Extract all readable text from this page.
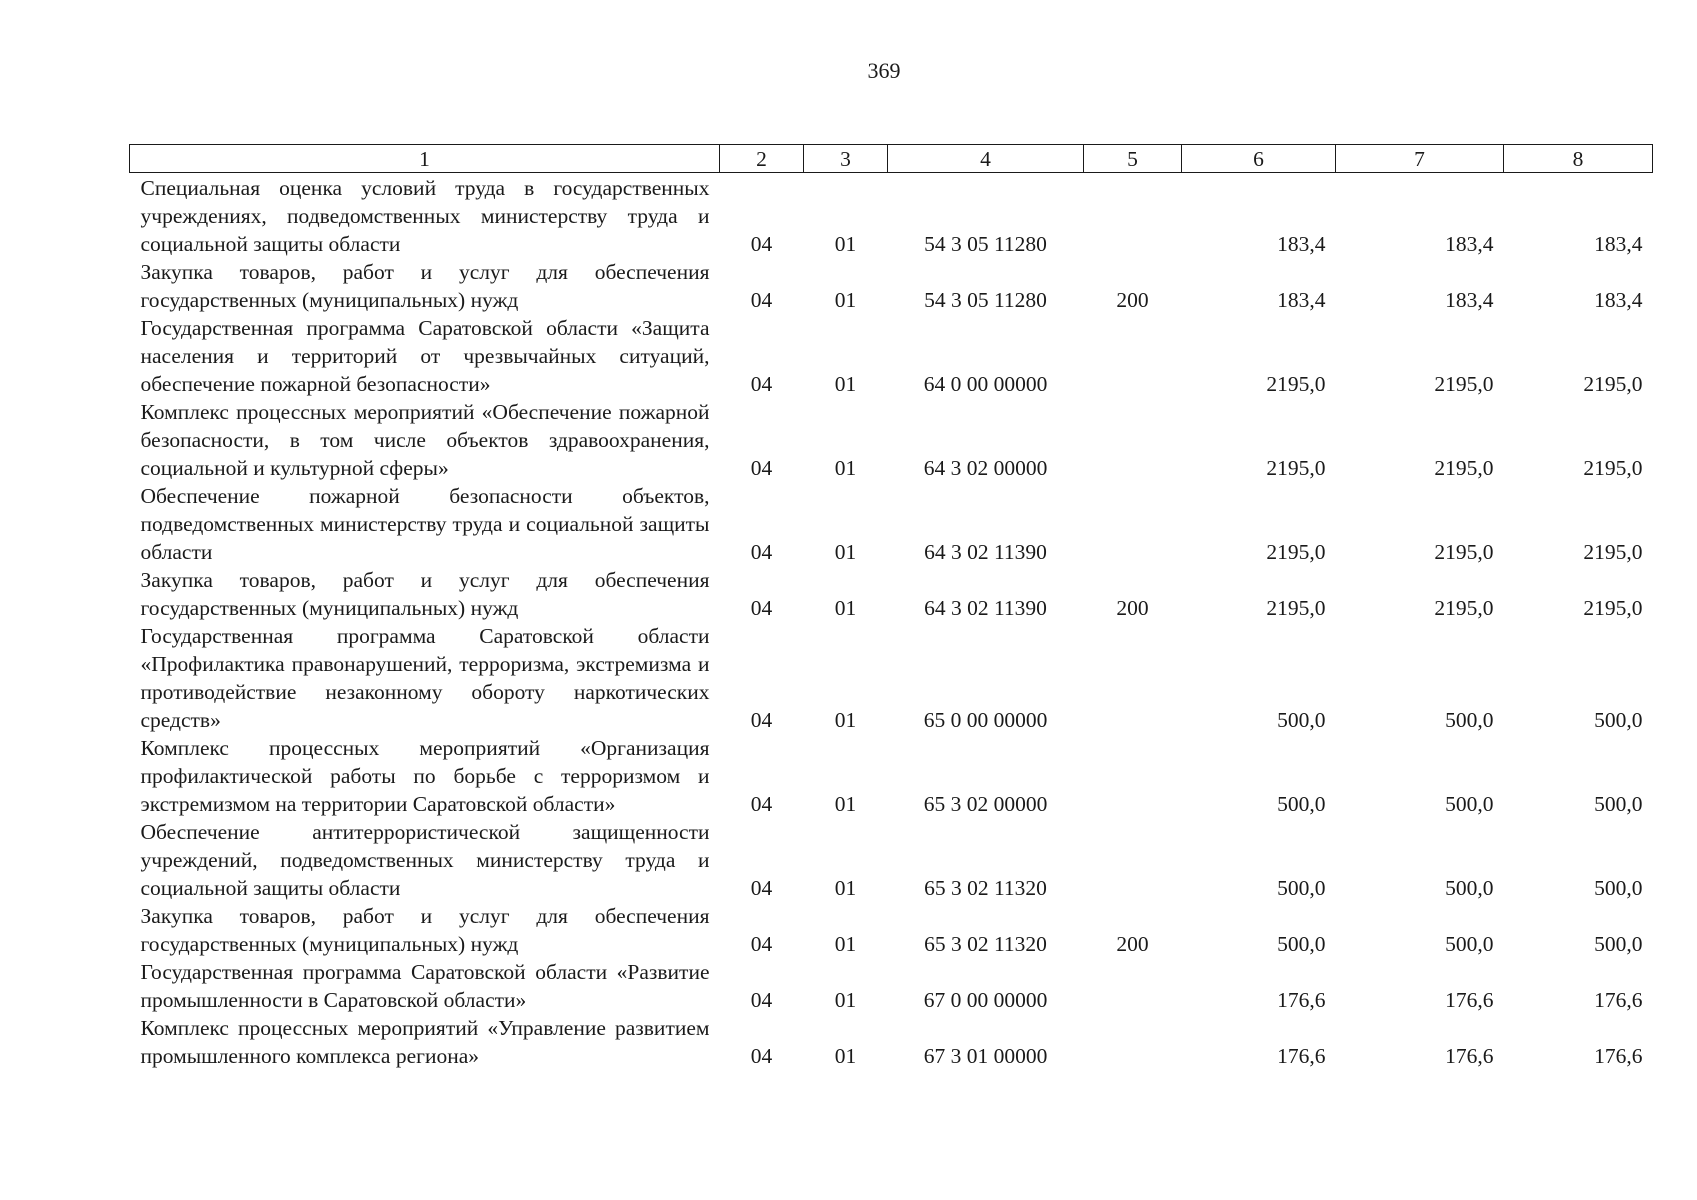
369
1	2	3	4	5	6	7	8
Специальная оценка условий труда в государственных учреждениях, подведомственных министерству труда и социальной защиты области	04	01	54 3 05 11280		183,4	183,4	183,4
Закупка товаров, работ и услуг для обеспечения государственных (муниципальных) нужд	04	01	54 3 05 11280	200	183,4	183,4	183,4
Государственная программа Саратовской области «Защита населения и территорий от чрезвычайных ситуаций, обеспечение пожарной безопасности»	04	01	64 0 00 00000		2195,0	2195,0	2195,0
Комплекс процессных мероприятий «Обеспечение пожарной безопасности, в том числе объектов здравоохранения, социальной и культурной сферы»	04	01	64 3 02 00000		2195,0	2195,0	2195,0
Обеспечение пожарной безопасности объектов, подведомственных министерству труда и социальной защиты области	04	01	64 3 02 11390		2195,0	2195,0	2195,0
Закупка товаров, работ и услуг для обеспечения государственных (муниципальных) нужд	04	01	64 3 02 11390	200	2195,0	2195,0	2195,0
Государственная программа Саратовской области «Профилактика правонарушений, терроризма, экстремизма и противодействие незаконному обороту наркотических средств»	04	01	65 0 00 00000		500,0	500,0	500,0
Комплекс процессных мероприятий «Организация профилактической работы по борьбе с терроризмом и экстремизмом на территории Саратовской области»	04	01	65 3 02 00000		500,0	500,0	500,0
Обеспечение антитеррористической защищенности учреждений, подведомственных министерству труда и социальной защиты области	04	01	65 3 02 11320		500,0	500,0	500,0
Закупка товаров, работ и услуг для обеспечения государственных (муниципальных) нужд	04	01	65 3 02 11320	200	500,0	500,0	500,0
Государственная программа Саратовской области «Развитие промышленности в Саратовской области»	04	01	67 0 00 00000		176,6	176,6	176,6
Комплекс процессных мероприятий «Управление развитием промышленного комплекса региона»	04	01	67 3 01 00000		176,6	176,6	176,6
